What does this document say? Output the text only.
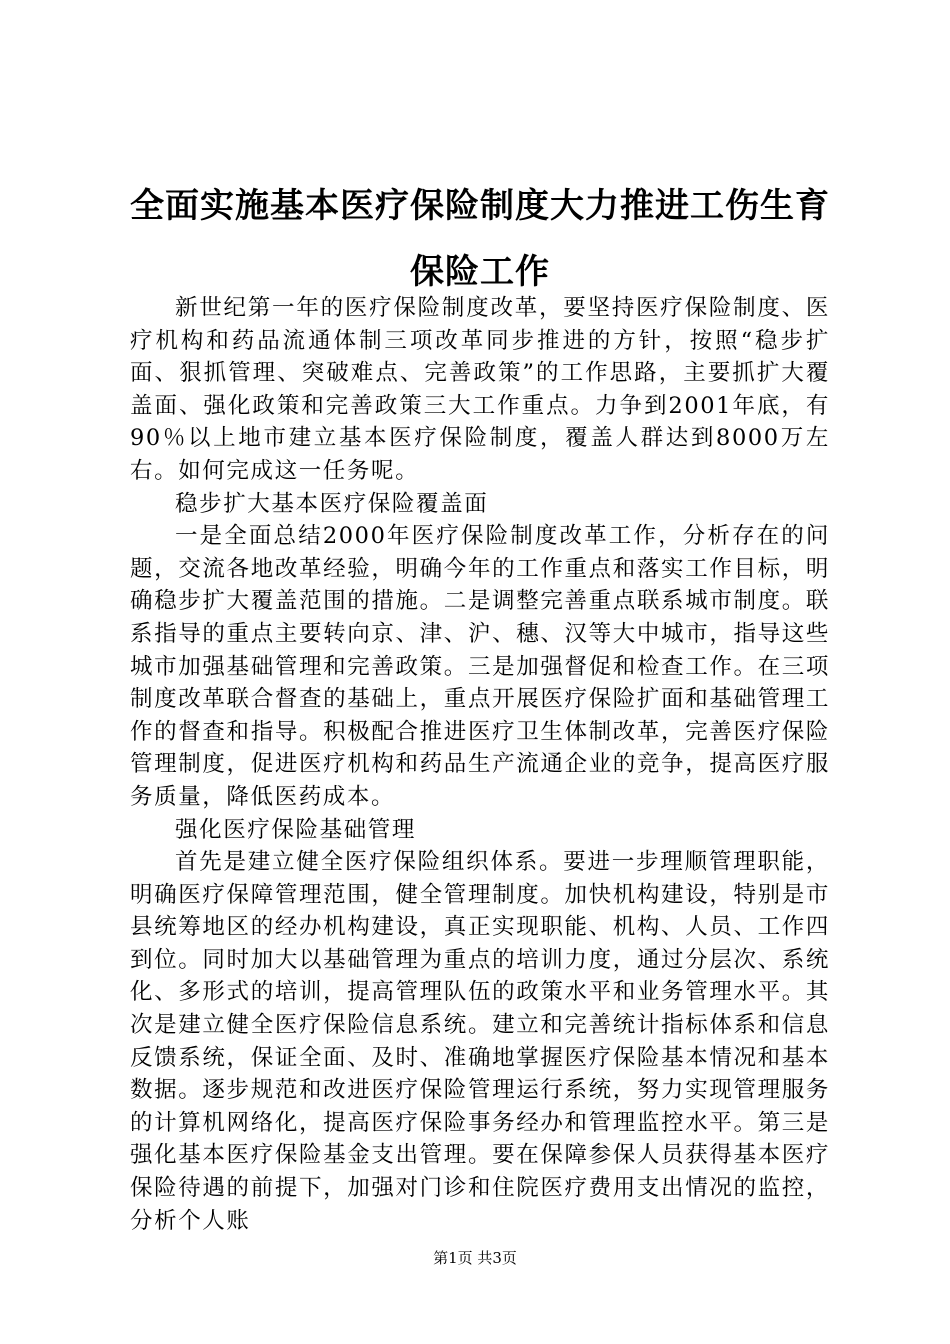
全面实施基本医疗保险制度大力推进工伤生育
保险工作

新世纪第一年的医疗保险制度改革，要坚持医疗保险制度、医疗机构和药品流通体制三项改革同步推进的方针，按照“稳步扩面、狠抓管理、突破难点、完善政策”的工作思路，主要抓扩大覆盖面、强化政策和完善政策三大工作重点。力争到2001年底，有90％以上地市建立基本医疗保险制度，覆盖人群达到8000万左右。如何完成这一任务呢。

稳步扩大基本医疗保险覆盖面

一是全面总结2000年医疗保险制度改革工作，分析存在的问题，交流各地改革经验，明确今年的工作重点和落实工作目标，明确稳步扩大覆盖范围的措施。二是调整完善重点联系城市制度。联系指导的重点主要转向京、津、沪、穗、汉等大中城市，指导这些城市加强基础管理和完善政策。三是加强督促和检查工作。在三项制度改革联合督查的基础上，重点开展医疗保险扩面和基础管理工作的督查和指导。积极配合推进医疗卫生体制改革，完善医疗保险管理制度，促进医疗机构和药品生产流通企业的竞争，提高医疗服务质量，降低医药成本。

强化医疗保险基础管理

首先是建立健全医疗保险组织体系。要进一步理顺管理职能，明确医疗保障管理范围，健全管理制度。加快机构建设，特别是市县统筹地区的经办机构建设，真正实现职能、机构、人员、工作四到位。同时加大以基础管理为重点的培训力度，通过分层次、系统化、多形式的培训，提高管理队伍的政策水平和业务管理水平。其次是建立健全医疗保险信息系统。建立和完善统计指标体系和信息反馈系统，保证全面、及时、准确地掌握医疗保险基本情况和基本数据。逐步规范和改进医疗保险管理运行系统，努力实现管理服务的计算机网络化，提高医疗保险事务经办和管理监控水平。第三是强化基本医疗保险基金支出管理。要在保障参保人员获得基本医疗保险待遇的前提下，加强对门诊和住院医疗费用支出情况的监控，分析个人账

第1页 共3页
